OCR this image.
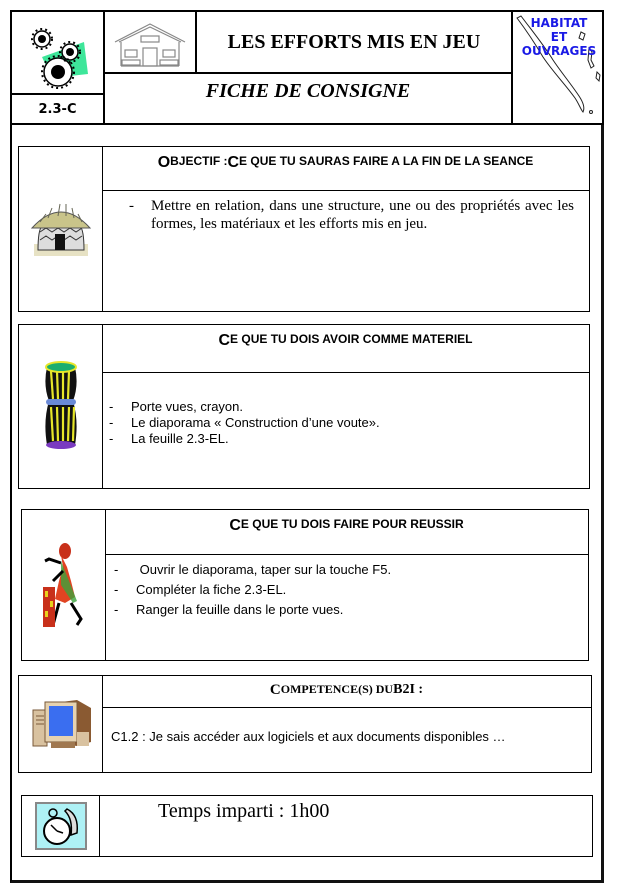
2.3-C
LES EFFORTS MIS EN JEU
FICHE DE CONSIGNE
HABITAT
ET
OUVRAGES
O BJECTIF : C E QUE TU SAURAS FAIRE A LA FIN DE LA SEANCE
-	Mettre en relation, dans une structure, une ou des propriétés avec les formes, les matériaux et les efforts mis en jeu.
C E QUE TU DOIS AVOIR COMME MATERIEL
-	Porte vues, crayon.
-	Le diaporama « Construction d’une voute».
-	La feuille 2.3-EL.
C E QUE TU DOIS FAIRE POUR REUSSIR
-	Ouvrir le diaporama, taper sur la touche F5.
-	Compléter la fiche 2.3-EL.
-	Ranger la feuille dans le porte vues.
C OMPETENCE(S) DU B2I :
C1.2 : Je sais accéder aux logiciels et aux documents disponibles …
Temps imparti : 1h00
